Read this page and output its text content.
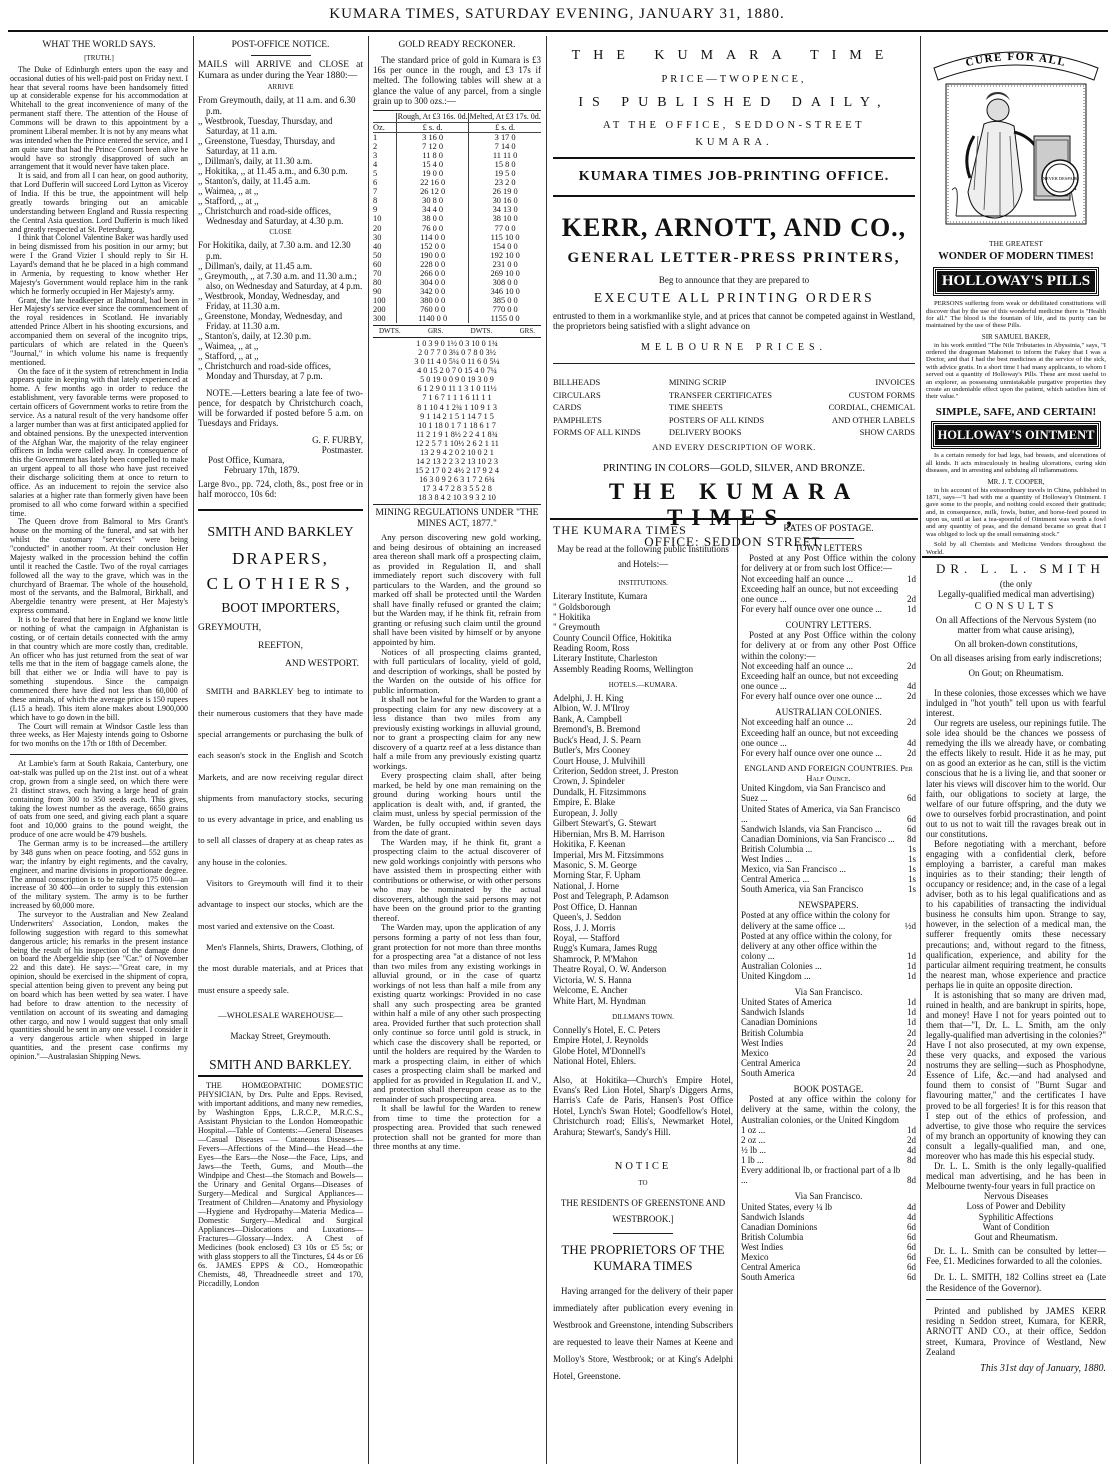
KUMARA TIMES, SATURDAY EVENING, JANUARY 31, 1880.
WHAT THE WORLD SAYS.
[TRUTH.]
The Duke of Edinburgh enters upon the easy and occasional duties of his well-paid post on Friday next. I hear that several rooms have been handsomely fitted up at considerable expense for his accommodation at Whitehall to the great inconvenience of many of the permanent staff there. The attention of the House of Commons will be drawn to this appointment by a prominent Liberal member. It is not by any means what was intended when the Prince entered the service, and I am quite sure that had the Prince Consort been alive he would have so strongly disapproved of such an arrangement that it would never have taken place.
It is said, and from all I can hear, on good authority, that Lord Dufferin will succeed Lord Lytton as Viceroy of India. If this be true, the appointment will help greatly towards bringing out an amicable understanding between England and Russia respecting the Central Asia question. Lord Dufferin is much liked and greatly respected at St. Petersburg.
I think that Colonel Valentine Baker was hardly used in being dismissed from his position in our army; but were I the Grand Vizier I should reply to Sir H. Layard's demand that he be placed in a high command in Armenia, by requesting to know whether Her Majesty's Government would replace him in the rank which he formerly occupied in Her Majesty's army.
Grant, the late headkeeper at Balmoral, had been in Her Majesty's service ever since the commencement of the royal residences in Scotland. He invariably attended Prince Albert in his shooting excursions, and accompanied them on several of the incognito trips, particulars of which are related in the Queen's "Journal," in which volume his name is frequently mentioned.
On the face of it the system of retrenchment in India appears quite in keeping with that lately experienced at home. A few months ago in order to reduce the establishment, very favorable terms were proposed to certain officers of Government works to retire from the service. As a natural result of the very handsome offer a larger number than was at first anticipated applied for and obtained pensions. By the unexpected intervention of the Afghan War, the majority of the relay engineer officers in India were called away. In consequence of this the Government has lately been compelled to make an urgent appeal to all those who have just received their discharge soliciting them at once to return to office. As an inducement to rejoin the service also salaries at a higher rate than formerly given have been promised to all who come forward within a specified time.
The Queen drove from Balmoral to Mrs Grant's house on the morning of the funeral, and sat with her whilst the customary "services" were being "conducted" in another room. At their conclusion Her Majesty walked in the procession behind the coffin until it reached the Castle. Two of the royal carriages followed all the way to the grave, which was in the churchyard of Braemar. The whole of the household, most of the servants, and the Balmoral, Birkhall, and Abergeldie tenantry were present, at Her Majesty's express command.
It is to be feared that here in England we know little or nothing of what the campaign in Afghanistan is costing, or of certain details connected with the army in that country which are more costly than, creditable. An officer who has just returned from the seat of war tells me that in the item of baggage camels alone, the bill that either we or India will have to pay is something stupendous. Since the campaign commenced there have died not less than 60,000 of these animals, of which the average price is 150 rupees (L15 a head). This item alone makes about L900,000 which have to go down in the bill.
The Court will remain at Windsor Castle less than three weeks, as Her Majesty intends going to Osborne for two months on the 17th or 18th of December.
At Lambie's farm at South Rakaia, Canterbury, one oat-stalk was pulled up on the 21st inst. out of a wheat crop, grown from a single seed, on which there were 21 distinct straws, each having a large head of grain containing from 300 to 350 seeds each. This gives, taking the lowest number as the average, 6650 grains of oats from one seed, and giving each plant a square foot and 10,000 grains to the pound weight, the produce of one acre would be 479 bushels.
The German army is to be increased—the artillery by 348 guns when on peace footing, and 552 guns in war; the infantry by eight regiments, and the cavalry, engineer, and marine divisions in proportionate degree. The annual conscription is to be raised to 175 000—an increase of 30 400—in order to supply this extension of the military system. The army is to be further increased by 60,000 more.
The surveyor to the Australian and New Zealand Underwriters' Association, London, makes the following suggestion with regard to this somewhat dangerous article; his remarks in the present instance being the result of his inspection of the damage done on board the Abergeldie ship (see "Car." of November 22 and this date). He says:—"Great care, in my opinion, should be exercised in the shipment of copra, special attention being given to prevent any being put on board which has been wetted by sea water. I have had before to draw attention to the necessity of ventilation on account of its sweating and damaging other cargo, and now I would suggest that only small quantities should be sent in any one vessel. I consider it a very dangerous article when shipped in large quantities, and the present case confirms my opinion."—Australasian Shipping News.
POST-OFFICE NOTICE.
MAILS will ARRIVE and CLOSE at Kumara as under during the Year 1880:—
ARRIVE
From Greymouth, daily, at 11 a.m. and 6.30 p.m.
,, Westbrook, Tuesday, Thursday, and Saturday, at 11 a.m.
,, Greenstone, Tuesday, Thursday, and Saturday, at 11 a.m.
,, Dillman's, daily, at 11.30 a.m.
,, Hokitika, ,, at 11.45 a.m., and 6.30 p.m.
,, Stanton's, daily, at 11.45 a.m.
,, Waimea, ,, at ,,
,, Stafford, ,, at ,,
,, Christchurch and road-side offices, Wednesday and Saturday, at 4.30 p.m.
CLOSE
For Hokitika, daily, at 7.30 a.m. and 12.30 p.m.
,, Dillman's, daily, at 11.45 a.m.
,, Greymouth, ,, at 7.30 a.m. and 11.30 a.m.; also, on Wednesday and Saturday, at 4 p.m.
,, Westbrook, Monday, Wednesday, and Friday, at 11.30 a.m.
,, Greenstone, Monday, Wednesday, and Friday. at 11.30 a.m.
,, Stanton's, daily, at 12.30 p.m.
,, Waimea, ,, at ,,
,, Stafford, ,, at ,,
,, Christchurch and road-side offices, Monday and Thursday, at 7 p.m.
NOTE.—Letters bearing a late fee of two-pence, for despatch by Christchurch coach, will be forwarded if posted before 5 a.m. on Tuesdays and Fridays.
G. F. FURBY,
Postmaster.
Post Office, Kumara,
February 17th, 1879.
Large 8vo., pp. 724, cloth, 8s., post free or in half morocco, 10s 6d:
SMITH AND BARKLEY
DRAPERS,
CLOTHIERS,
BOOT IMPORTERS,
GREYMOUTH,
REEFTON,
AND WESTPORT.
SMITH and BARKLEY beg to intimate to their numerous customers that they have made special arrangements or purchasing the bulk of each season's stock in the English and Scotch Markets, and are now receiving regular direct shipments from manufactory stocks, securing to us every advantage in price, and enabling us to sell all classes of drapery at as cheap rates as any house in the colonies.
Visitors to Greymouth will find it to their advantage to inspect our stocks, which are the most varied and extensive on the Coast.
Men's Flannels, Shirts, Drawers, Clothing, of the most durable materials, and at Prices that must ensure a speedy sale.
—WHOLESALE WAREHOUSE—
Mackay Street, Greymouth.
SMITH AND BARKLEY.
THE HOMŒOPATHIC DOMESTIC PHYSICIAN, by Drs. Pulte and Epps. Revised, with important additions, and many new remedies, by Washington Epps, L.R.C.P., M.R.C.S., Assistant Physician to the London Homœopathic Hospital.—Table of Contents:—General Diseases—Casual Diseases — Cutaneous Diseases—Fevers—Affections of the Mind—the Head—the Eyes—the Ears—the Nose—the Face, Lips, and Jaws—the Teeth, Gums, and Mouth—the Windpipe and Chest—the Stomach and Bowels—the Urinary and Genital Organs—Diseases of Surgery—Medical and Surgical Appliances—Treatment of Children—Anatomy and Physiology—Hygiene and Hydropathy—Materia Medica—Domestic Surgery—Medical and Surgical Appliances—Dislocations and Luxations—Fractures—Glossary—Index. A Chest of Medicines (book enclosed) £3 10s or £5 5s; or with glass stoppers to all the Tinctures, £4 4s or £6 6s. JAMES EPPS & CO., Homœopathic Chemists, 48, Threadneedle street and 170, Piccadilly, London
GOLD READY RECKONER.
The standard price of gold in Kumara is £3 16s per ounce in the rough, and £3 17s if melted. The following tables will shew at a glance the value of any parcel, from a single grain up to 300 ozs.:—
	Rough, At £3 16s. 0d.	Melted, At £3 17s. 0d.
Oz.	£ s. d.	£ s. d.
1	3 16 0	3 17 0
2	7 12 0	7 14 0
3	11 8 0	11 11 0
4	15 4 0	15 8 0
5	19 0 0	19 5 0
6	22 16 0	23 2 0
7	26 12 0	26 19 0
8	30 8 0	30 16 0
9	34 4 0	34 13 0
10	38 0 0	38 10 0
20	76 0 0	77 0 0
30	114 0 0	115 10 0
40	152 0 0	154 0 0
50	190 0 0	192 10 0
60	228 0 0	231 0 0
70	266 0 0	269 10 0
80	304 0 0	308 0 0
90	342 0 0	346 10 0
100	380 0 0	385 0 0
200	760 0 0	770 0 0
300	1140 0 0	1155 0 0
DWTS.	GRS.	DWTS.	GRS.
1 0 3 9 0 1½ 0 3 10 0 1¾
2 0 7 7 0 3¼ 0 7 8 0 3½
3 0 11 4 0 5¼ 0 11 6 0 5¼
4 0 15 2 0 7 0 15 4 0 7¼
5 0 19 0 0 9 0 19 3 0 9
6 1 2 9 0 11 1 3 1 0 11½
7 1 6 7 1 1 1 6 11 1 1
8 1 10 4 1 2¾ 1 10 9 1 3
9 1 14 2 1 5 1 14 7 1 5
10 1 18 0 1 7 1 18 6 1 7
11 2 1 9 1 8½ 2 2 4 1 8¾
12 2 5 7 1 10½ 2 6 2 1 11
13 2 9 4 2 0 2 10 0 2 1
14 2 13 2 2 3 2 13 10 2 3
15 2 17 0 2 4½ 2 17 9 2 4
16 3 0 9 2 6 3 1 7 2 6¾
17 3 4 7 2 8 3 5 5 2 8
18 3 8 4 2 10 3 9 3 2 10
MINING REGULATIONS UNDER "THE MINES ACT, 1877."
Any person discovering new gold working, and being desirous of obtaining an increased area thereon shall mark off a prospecting claim, as provided in Regulation II, and shall immediately report such discovery with full particulars to the Warden, and the ground so marked off shall be protected until the Warden shall have finally refused or granted the claim; but the Warden may, if he think fit, refrain from granting or refusing such claim until the ground shall have been visited by himself or by anyone appointed by him.
Notices of all prospecting claims granted, with full particulars of locality, yield of gold, and description of workings, shall be posted by the Warden on the outside of his office for public information.
It shall not be lawful for the Warden to grant a prospecting claim for any new discovery at a less distance than two miles from any previously existing workings in alluvial ground, nor to grant a prospecting claim for any new discovery of a quartz reef at a less distance than half a mile from any previously existing quartz workings.
Every prospecting claim shall, after being marked, be held by one man remaining on the ground during working hours until the application is dealt with, and, if granted, the claim must, unless by special permission of the Warden, be fully occupied within seven days from the date of grant.
The Warden may, if he think fit, grant a prospecting claim to the actual discoverer of new gold workings conjointly with persons who have assisted them in prospecting either with contributions or otherwise, or with other persons who may be nominated by the actual discoverers, although the said persons may not have been on the ground prior to the granting thereof.
The Warden may, upon the application of any persons forming a party of not less than four, grant protection for not more than three months for a prospecting area "at a distance of not less than two miles from any existing workings in alluvial ground, or in the case of quartz workings of not less than half a mile from any existing quartz workings: Provided in no case shall any such prospecting area be granted within half a mile of any other such prospecting area. Provided further that such protection shall only continue so force until gold is struck, in which case the discovery shall be reported, or until the holders are required by the Warden to mark a prospecting claim, in either of which cases a prospecting claim shall be marked and applied for as provided in Regulation II. and V., and protection shall thereupon cease as to the remainder of such prospecting area.
It shall be lawful for the Warden to renew from time to time the protection for a prospecting area. Provided that such renewed protection shall not be granted for more than three months at any time.
THE KUMARA TIME
PRICE—TWOPENCE,
IS PUBLISHED DAILY,
AT THE OFFICE, SEDDON-STREET
KUMARA.
KUMARA TIMES JOB-PRINTING OFFICE.
KERR, ARNOTT, AND CO.,
GENERAL LETTER-PRESS PRINTERS,
Beg to announce that they are prepared to
EXECUTE ALL PRINTING ORDERS
entrusted to them in a workmanlike style, and at prices that cannot be competed against in Westland, the proprietors being satisfied with a slight advance on
MELBOURNE PRICES.
BILLHEADS	MINING SCRIP	INVOICES
CIRCULARS	TRANSFER CERTIFICATES	CUSTOM FORMS
CARDS	TIME SHEETS	CORDIAL, CHEMICAL
PAMPHLETS	POSTERS OF ALL KINDS	AND OTHER LABELS
FORMS OF ALL KINDS	DELIVERY BOOKS	SHOW CARDS
AND EVERY DESCRIPTION OF WORK.
PRINTING IN COLORS—GOLD, SILVER, AND BRONZE.
THE KUMARA TIMES,
OFFICE: SEDDON STREET.
THE KUMARA TIMES
May be read at the following public Institutions and Hotels:—
INSTITUTIONS.
Literary Institute, Kumara
" Goldsborough
" Hokitika
" Greymouth
County Council Office, Hokitika
Reading Room, Ross
Literary Institute, Charleston
Assembly Reading Rooms, Wellington
HOTELS.—KUMARA.
Adelphi, J. H. King
Albion, W. J. M'Ilroy
Bank, A. Campbell
Bremond's, B. Bremond
Buck's Head, J. S. Pearn
Butler's, Mrs Cooney
Court House, J. Mulvihill
Criterion, Seddon street, J. Preston
Crown, J. Spindeler
Dundalk, H. Fitzsimmons
Empire, E. Blake
European, J. Jolly
Gilbert Stewart's, G. Stewart
Hibernian, Mrs B. M. Harrison
Hokitika, F. Keenan
Imperial, Mrs M. Fitzsimmons
Masonic, S. M. George
Morning Star, F. Upham
National, J. Horne
Post and Telegraph, P. Adamson
Post Office, D. Hannan
Queen's, J. Seddon
Ross, J. J. Morris
Royal, — Stafford
Rugg's Kumara, James Rugg
Shamrock, P. M'Mahon
Theatre Royal, O. W. Anderson
Victoria, W. S. Hanna
Welcome, E. Ancher
White Hart, M. Hyndman
DILLMAN'S TOWN.
Connelly's Hotel, E. C. Peters
Empire Hotel, J. Reynolds
Globe Hotel, M'Donnell's
National Hotel, Ehlers.
Also, at Hokitika—Church's Empire Hotel, Evans's Red Lion Hotel, Sharp's Diggers Arms, Harris's Cafe de Paris, Hansen's Post Office Hotel, Lynch's Swan Hotel; Goodfellow's Hotel, Christchurch road; Ellis's, Newmarket Hotel, Arahura; Stewart's, Sandy's Hill.
NOTICE
TO
THE RESIDENTS OF GREENSTONE AND WESTBROOK.]
THE PROPRIETORS OF THE KUMARA TIMES
Having arranged for the delivery of their paper immediately after publication every evening in Westbrook and Greenstone, intending Subscribers are requested to leave their Names at Keene and Molloy's Store, Westbrook; or at King's Adelphi Hotel, Greenstone.
RATES OF POSTAGE.
TOWN LETTERS
Posted at any Post Office within the colony for delivery at or from such lost Office:—
Not exceeding half an ounce ...	1d
Exceeding half an ounce, but not exceeding one ounce ...	2d
For every half ounce over one ounce ...	1d
COUNTRY LETTERS.
Posted at any Post Office within the colony for delivery at or from any other Post Office within the colony:—
Not exceeding half an ounce ...	2d
Exceeding half an ounce, but not exceeding one ounce ...	4d
For every half ounce over one ounce ...	2d
AUSTRALIAN COLONIES.
Not exceeding half an ounce ...	2d
Exceeding half an ounce, but not exceeding one ounce ...	4d
For every half ounce over one ounce ...	2d
ENGLAND AND FOREIGN COUNTRIES. Per Half Ounce.
United Kingdom, via San Francisco and Suez ...	6d
United States of America, via San Francisco ...	6d
Sandwich Islands, via San Francisco ...	6d
Canadian Dominions, via San Francisco ...	8d
British Columbia ...	1s
West Indies ...	1s
Mexico, via San Francisco ...	1s
Central America ...	1s
South America, via San Francisco	1s
NEWSPAPERS.
Posted at any office within the colony for delivery at the same office ...	½d
Posted at any office within the colony, for delivery at any other office within the colony ...	1d
Australian Colonies ...	1d
United Kingdom ...	1d
Via San Francisco.
United States of America	1d
Sandwich Islands	1d
Canadian Dominions	1d
British Columbia	2d
West Indies	2d
Mexico	2d
Central America	2d
South America	2d
BOOK POSTAGE.
Posted at any office within the colony for delivery at the same, within the colony, the Australian colonies, or the United Kingdom
1 oz ...	1d
2 oz ...	2d
½ lb ...	4d
1 lb ...	8d
Every additional lb, or fractional part of a lb ...	8d
Via San Francisco.
United States, every ¼ lb	4d
Sandwich Islands	4d
Canadian Dominions	6d
British Columbia	6d
West Indies	6d
Mexico	6d
Central America	6d
South America	6d
CURE FOR ALL
NEVER DESPAIR
THE GREATEST
WONDER OF MODERN TIMES!
HOLLOWAY'S PILLS
PERSONS suffering from weak or debilitated constitutions will discover that by the use of this wonderful medicine there is "Health for all." The blood is the fountain of life, and its purity can be maintained by the use of these Pills.
SIR SAMUEL BAKER,
in his work entitled "The Nile Tributaries in Abyssinia," says, "I ordered the dragoman Mahomet to inform the Fakey that I was a Doctor, and that I had the best medicines at the service of the sick, with advice gratis. In a short time I had many applicants, to whom I served out a quantity of Holloway's Pills. These are most useful to an explorer, as possessing unmistakable purgative properties they create an undeniable effect upon the patient, which satisfies him of their value."
SIMPLE, SAFE, AND CERTAIN!
HOLLOWAY'S OINTMENT
Is a certain remedy for bad legs, bad breasts, and ulcerations of all kinds. It acts miraculously in healing ulcerations, curing skin diseases, and in arresting and subduing all inflammations.
MR. J. T. COOPER,
in his account of his extraordinary travels in China, published in 1871, says—"I had with me a quantity of Holloway's Ointment. I gave some to the people, and nothing could exceed their gratitude; and, in consequence, milk, fowls, butter, and horse-feed poured in upon us, until at last a tea-spoonful of Ointment was worth a fowl and any quantity of peas, and the demand became so great that I was obliged to lock up the small remaining stock."
Sold by all Chemists and Medicine Vendors throughout the World.
DR. L. L. SMITH
(the only
Legally-qualified medical man advertising)
CONSULTS
On all Affections of the Nervous System (no matter from what cause arising),
On all broken-down constitutions,
On all diseases arising from early indiscretions;
On Gout; on Rheumatism.
In these colonies, those excesses which we have indulged in "hot youth" tell upon us with fearful interest.
Our regrets are useless, our repinings futile. The sole idea should be the chances we possess of remedying the ills we already have, or combating the effects likely to result. Hide it as he may, put on as good an exterior as he can, still is the victim conscious that he is a living lie, and that sooner or later his views will discover him to the world. Our faith, our obligations to society at large, the welfare of our future offspring, and the duty we owe to ourselves forbid procrastination, and point out to us not to wait till the ravages break out in our constitutions.
Before negotiating with a merchant, before engaging with a confidential clerk, before employing a barrister, a careful man makes inquiries as to their standing; their length of occupancy or residence; and, in the case of a legal adviser, both as to his legal qualifications and as to his capabilities of transacting the individual business he consults him upon. Strange to say, however, in the selection of a medical man, the sufferer frequently omits these necessary precautions; and, without regard to the fitness, qualification, experience, and ability for the particular ailment requiring treatment, he consults the nearest man, whose experience and practice perhaps lie in quite an opposite direction.
It is astonishing that so many are driven mad, ruined in health, and are bankrupt in spirits, hope, and money! Have I not for years pointed out to them that—"I, Dr. L. L. Smith, am the only legally-qualified man advertising in the colonies?" Have I not also prosecuted, at my own expense, these very quacks, and exposed the various nostrums they are selling—such as Phosphodyne, Essence of Life, &c.—and had analysed and found them to consist of "Burnt Sugar and flavouring matter," and the certificates I have proved to be all forgeries! It is for this reason that I step out of the ethics of profession, and advertise, to give those who require the services of my branch an opportunity of knowing they can consult a legally-qualified man, and one, moreover who has made this his especial study.
Dr. L. L. Smith is the only legally-qualified medical man advertising, and he has been in Melbourne twenty-four years in full practice on
Nervous Diseases
Loss of Power and Debility
Syphilitic Affections
Want of Condition
Gout and Rheumatism.
Dr. L. L. Smith can be consulted by letter—Fee, £1. Medicines forwarded to all the colonies.
Dr. L. L. SMITH, 182 Collins street ea (Late the Residence of the Governor).
Printed and published by JAMES KERR residing n Seddon street, Kumara, for KERR, ARNOTT AND CO., at their office, Seddon street, Kumara, Province of Westland, New Zealand
This 31st day of January, 1880.
